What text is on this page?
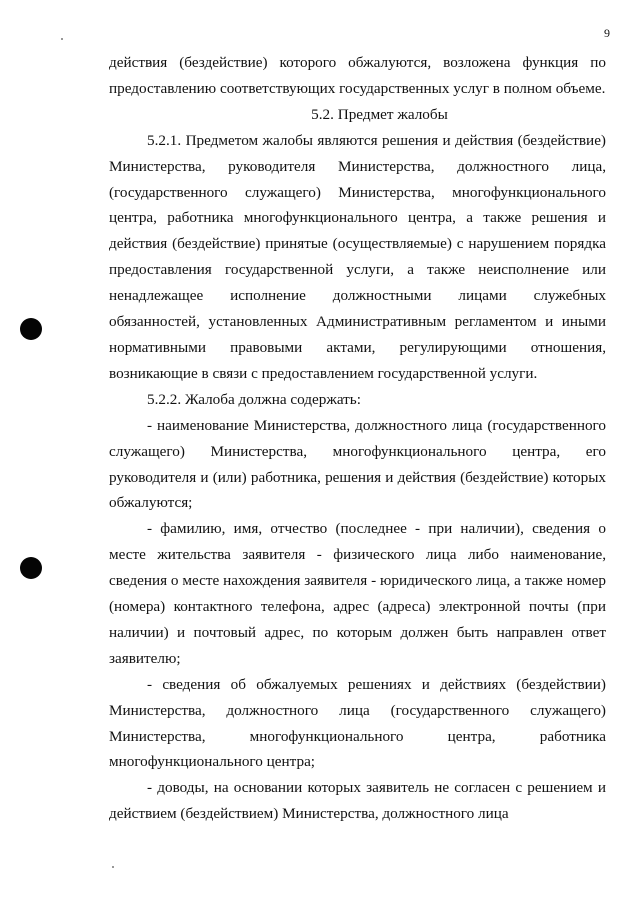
9

действия (бездействие) которого обжалуются, возложена функция по предоставлению соответствующих государственных услуг в полном объеме.

5.2. Предмет жалобы

5.2.1. Предметом жалобы являются решения и действия (бездействие) Министерства, руководителя Министерства, должностного лица, (государственного служащего) Министерства, многофункционального центра, работника многофункционального центра, а также решения и действия (бездействие) принятые (осуществляемые) с нарушением порядка предоставления государственной услуги, а также неисполнение или ненадлежащее исполнение должностными лицами служебных обязанностей, установленных Административным регламентом и иными нормативными правовыми актами, регулирующими отношения, возникающие в связи с предоставлением государственной услуги.

5.2.2. Жалоба должна содержать:

- наименование Министерства, должностного лица (государственного служащего) Министерства, многофункционального центра, его руководителя и (или) работника, решения и действия (бездействие) которых обжалуются;

- фамилию, имя, отчество (последнее - при наличии), сведения о месте жительства заявителя - физического лица либо наименование, сведения о месте нахождения заявителя - юридического лица, а также номер (номера) контактного телефона, адрес (адреса) электронной почты (при наличии) и почтовый адрес, по которым должен быть направлен ответ заявителю;

- сведения об обжалуемых решениях и действиях (бездействии) Министерства, должностного лица (государственного служащего) Министерства, многофункционального центра, работника многофункционального центра;

- доводы, на основании которых заявитель не согласен с решением и действием (бездействием) Министерства, должностного лица
